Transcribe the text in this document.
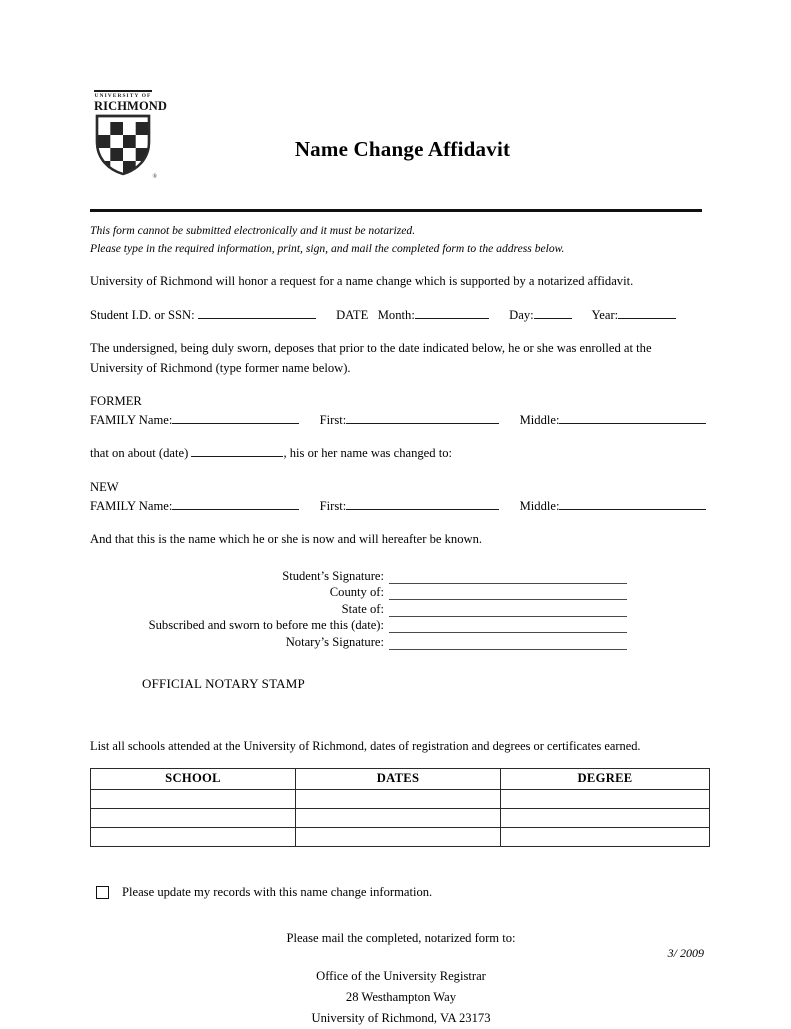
UNIVERSITY OF
RICHMOND
®
Name Change Affidavit
This form cannot be submitted electronically and it must be notarized.
Please type in the required information, print, sign, and mail the completed form to the address below.
University of Richmond will honor a request for a name change which is supported by a notarized affidavit.
Student I.D. or SSN:	DATE Month:	Day:	Year:
The undersigned, being duly sworn, deposes that prior to the date indicated below, he or she was enrolled at the
University of Richmond (type former name below).
FORMER
FAMILY Name:	First:	Middle:
that on about (date)	, his or her name was changed to:
NEW
FAMILY Name:	First:	Middle:
And that this is the name which he or she is now and will hereafter be known.
Student’s Signature:
County of:
State of:
Subscribed and sworn to before me this (date):
Notary’s Signature:
OFFICIAL NOTARY STAMP
List all schools attended at the University of Richmond, dates of registration and degrees or certificates earned.
SCHOOL	DATES	DEGREE

Please update my records with this name change information.
Please mail the completed, notarized form to:
Office of the University Registrar
28 Westhampton Way
University of Richmond, VA 23173
3/ 2009
